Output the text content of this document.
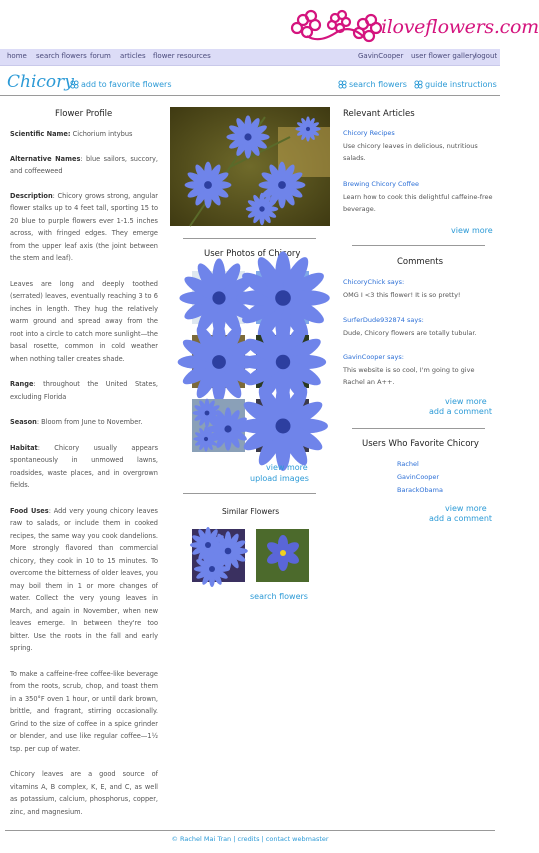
iloveflowers.com
home search flowers forum articles flower resources	GavinCooper user flower gallery
logout
Chicory add to favorite flowers	search flowers	guide instructions
Flower Profile

Scientific Name: Cichorium intybus

Alternative Names: blue sailors, succory, and coffeeweed

Description: Chicory grows strong, angular flower stalks up to 4 feet tall, sporting 15 to 20 blue to purple flowers ever 1-1.5 inches across, with fringed edges. They emerge from the upper leaf axis (the joint between the stem and leaf).

Leaves are long and deeply toothed (serrated) leaves, eventually reaching 3 to 6 inches in length. They hug the relatively warm ground and spread away from the root into a circle to catch more sunlight—the basal rosette, common in cold weather when nothing taller creates shade.

Range: throughout the United States, excluding Florida

Season: Bloom from June to November.

Habitat: Chicory usually appears spontaneously in unmowed lawns, roadsides, waste places, and in overgrown fields.

Food Uses: Add very young chicory leaves raw to salads, or include them in cooked recipes, the same way you cook dandelions. More strongly flavored than commercial chicory, they cook in 10 to 15 minutes. To overcome the bitterness of older leaves, you may boil them in 1 or more changes of water. Collect the very young leaves in March, and again in November, when new leaves emerge. In between they're too bitter. Use the roots in the fall and early spring.

To make a caffeine-free coffee-like beverage from the roots, scrub, chop, and toast them in a 350°F oven 1 hour, or until dark brown, brittle, and fragrant, stirring occasionally. Grind to the size of coffee in a spice grinder or blender, and use like regular coffee—1½ tsp. per cup of water.

Chicory leaves are a good source of vitamins A, B complex, K, E, and C, as well as potassium, calcium, phosphorus, copper, zinc, and magnesium.

User Photos of Chicory
view more
upload images
Similar Flowers
search flowers
Relevant Articles
Chicory Recipes
Use chicory leaves in delicious, nutritious salads.
Brewing Chicory Coffee
Learn how to cook this delightful caffeine-free beverage.
view more
Comments
ChicoryChick says:
OMG I <3 this flower! It is so pretty!
SurferDude932874 says:
Dude, Chicory flowers are totally tubular.
GavinCooper says:
This website is so cool, I'm going to give Rachel an A++.
view more
add a comment
Users Who Favorite Chicory
Rachel
GavinCooper
BarackObama
view more
add a comment
© Rachel Mai Tran | credits | contact webmaster
